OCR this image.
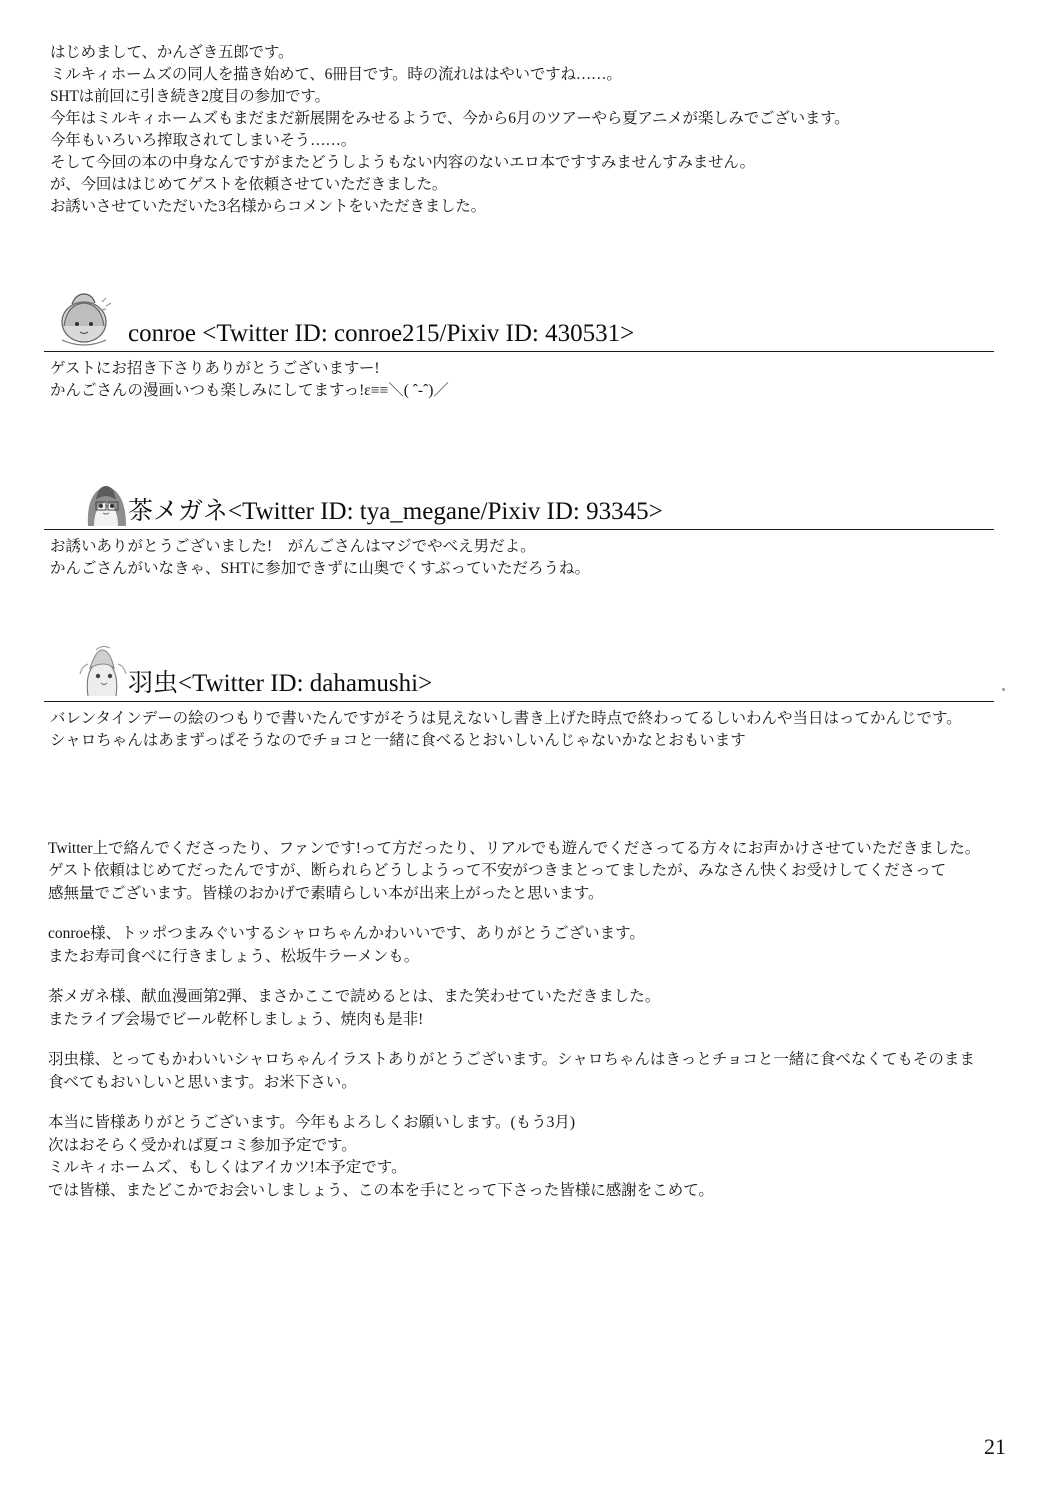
はじめまして、かんざき五郎です。
ミルキィホームズの同人を描き始めて、6冊目です。時の流れははやいですね……。
SHTは前回に引き続き2度目の参加です。
今年はミルキィホームズもまだまだ新展開をみせるようで、今から6月のツアーやら夏アニメが楽しみでございます。
今年もいろいろ搾取されてしまいそう……。
そして今回の本の中身なんですがまたどうしようもない内容のないエロ本ですすみませんすみません。
が、今回ははじめてゲストを依頼させていただきました。
お誘いさせていただいた3名様からコメントをいただきました。
conroe <Twitter ID: conroe215/Pixiv ID: 430531>
ゲストにお招き下さりありがとうございますー!
かんごさんの漫画いつも楽しみにしてますっ!ε≡≡＼( ˆ-ˆ)／
茶メガネ<Twitter ID: tya_megane/Pixiv ID: 93345>
お誘いありがとうございました!　がんごさんはマジでやべえ男だよ。
かんごさんがいなきゃ、SHTに参加できずに山奥でくすぶっていただろうね。
羽虫<Twitter ID: dahamushi>
バレンタインデーの絵のつもりで書いたんですがそうは見えないし書き上げた時点で終わってるしいわんや当日はってかんじです。
シャロちゃんはあまずっぱそうなのでチョコと一緒に食べるとおいしいんじゃないかなとおもいます

Twitter上で絡んでくださったり、ファンです!って方だったり、リアルでも遊んでくださってる方々にお声かけさせていただきました。
ゲスト依頼はじめてだったんですが、断られらどうしようって不安がつきまとってましたが、みなさん快くお受けしてくださって
感無量でございます。皆様のおかげで素晴らしい本が出来上がったと思います。

conroe様、トッポつまみぐいするシャロちゃんかわいいです、ありがとうございます。
またお寿司食べに行きましょう、松坂牛ラーメンも。

茶メガネ様、献血漫画第2弾、まさかここで読めるとは、また笑わせていただきました。
またライブ会場でビール乾杯しましょう、焼肉も是非!

羽虫様、とってもかわいいシャロちゃんイラストありがとうございます。シャロちゃんはきっとチョコと一緒に食べなくてもそのまま
食べてもおいしいと思います。お米下さい。

本当に皆様ありがとうございます。今年もよろしくお願いします。(もう3月)
次はおそらく受かれば夏コミ参加予定です。
ミルキィホームズ、もしくはアイカツ!本予定です。
では皆様、またどこかでお会いしましょう、この本を手にとって下さった皆様に感謝をこめて。

21
